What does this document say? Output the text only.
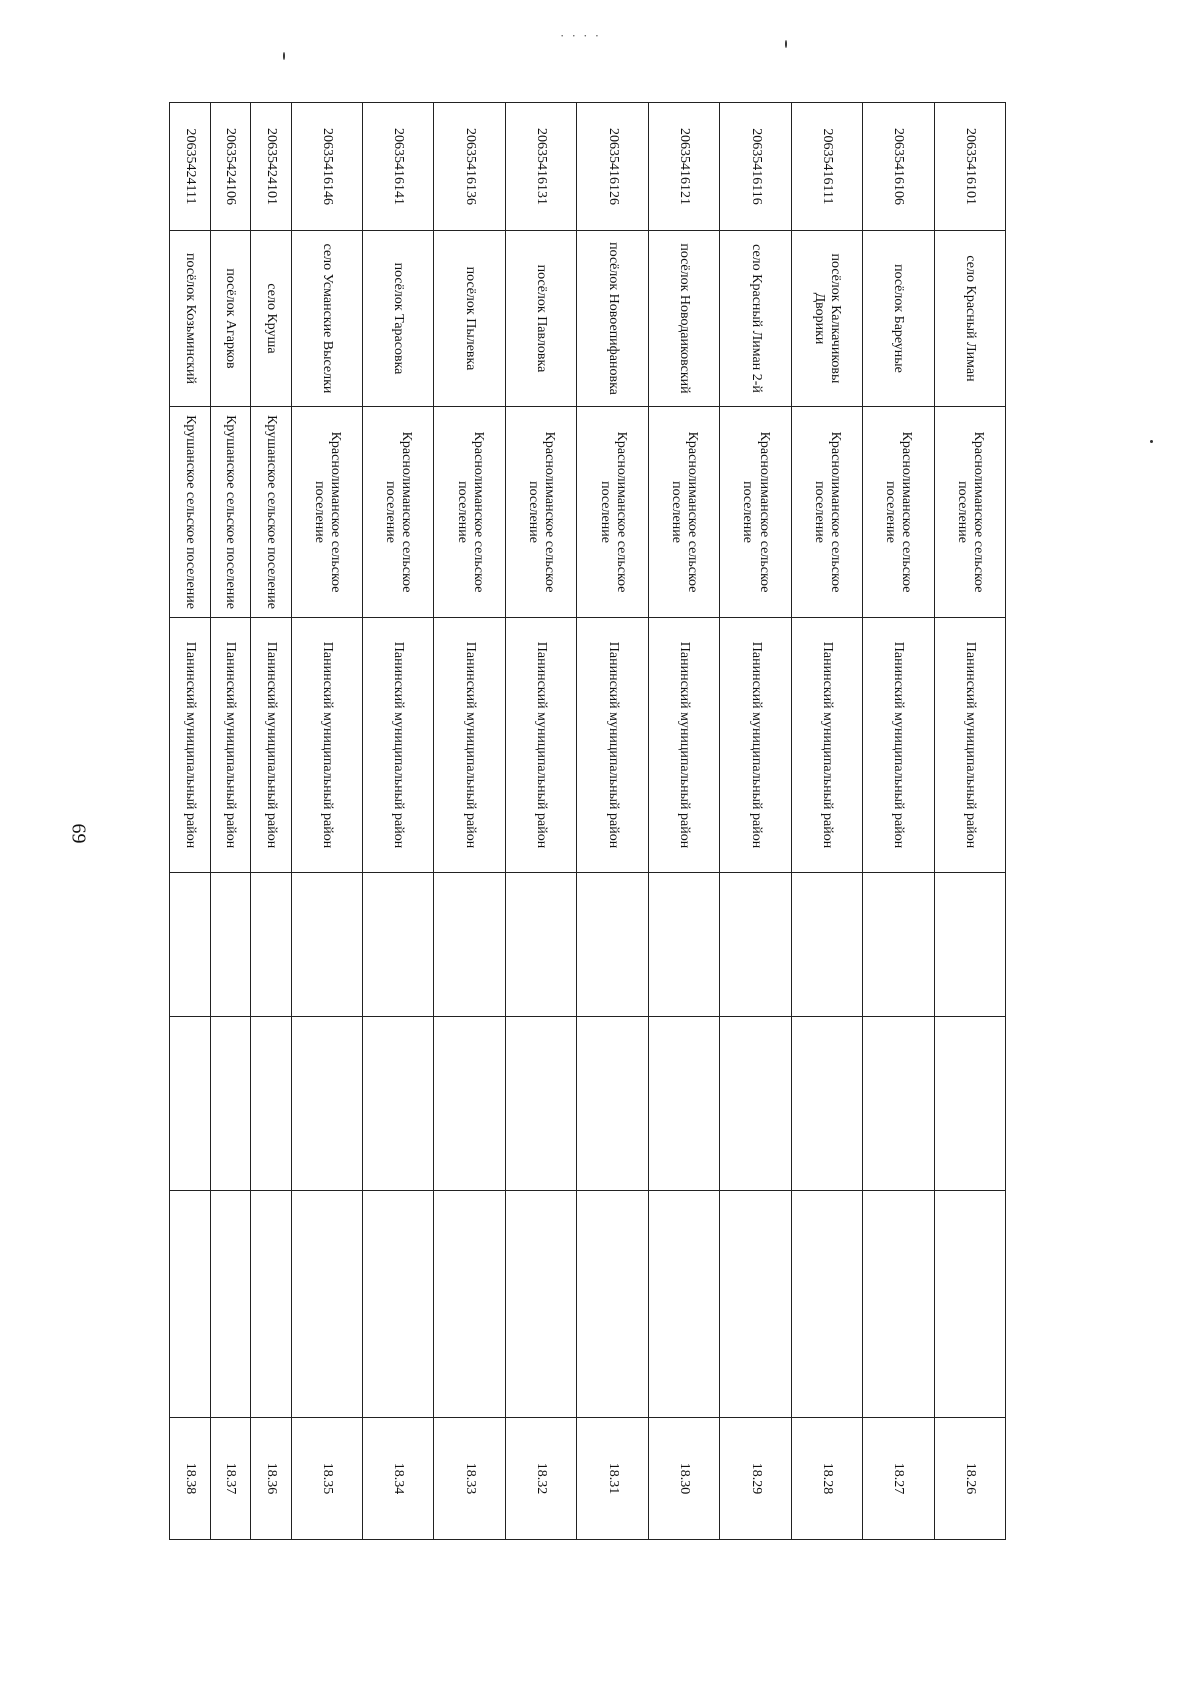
· · · ·
69
20635416101	село Красный Лиман	Краснолиманское сельское поселение	Панинский муниципальный район				18.26
20635416106	посёлок Бареуные	Краснолиманское сельское поселение	Панинский муниципальный район				18.27
20635416111	посёлок Калкачиковы Дворики	Краснолиманское сельское поселение	Панинский муниципальный район				18.28
20635416116	село Красный Лиман 2-й	Краснолиманское сельское поселение	Панинский муниципальный район				18.29
20635416121	посёлок Новодаиковский	Краснолиманское сельское поселение	Панинский муниципальный район				18.30
20635416126	посёлок Новоепифановка	Краснолиманское сельское поселение	Панинский муниципальный район				18.31
20635416131	посёлок Павловка	Краснолиманское сельское поселение	Панинский муниципальный район				18.32
20635416136	посёлок Пылевка	Краснолиманское сельское поселение	Панинский муниципальный район				18.33
20635416141	посёлок Тарасовка	Краснолиманское сельское поселение	Панинский муниципальный район				18.34
20635416146	село Усманские Выселки	Краснолиманское сельское поселение	Панинский муниципальный район				18.35
20635424101	село Круша	Крушанское сельское поселение	Панинский муниципальный район				18.36
20635424106	посёлок Агарков	Крушанское сельское поселение	Панинский муниципальный район				18.37
20635424111	посёлок Козьминский	Крушанское сельское поселение	Панинский муниципальный район				18.38
